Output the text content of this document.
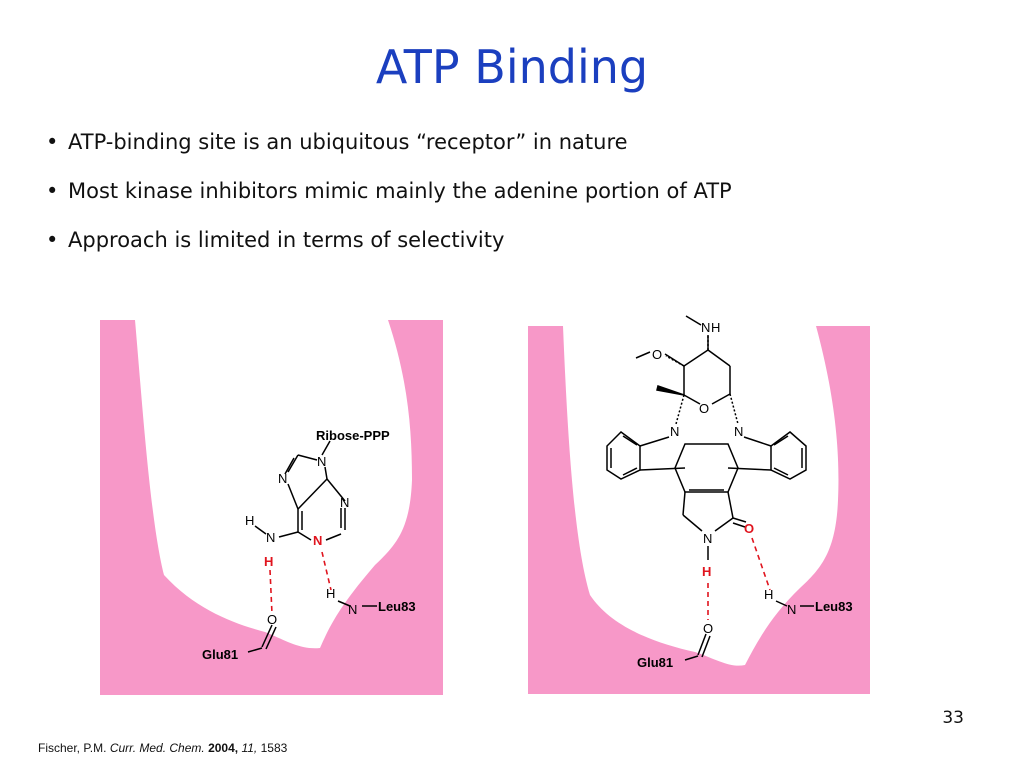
ATP Binding
• ATP-binding site is an ubiquitous “receptor” in nature
• Most kinase inhibitors mimic mainly the adenine portion of ATP
• Approach is limited in terms of selectivity
Ribose-PPP
N
N
N
N
N
H
H
H
N Leu83
O
Glu81
N H
O
O
N	N
N
O
H
H
N Leu83
O
Glu81
33
Fischer, P.M. Curr. Med. Chem. 2004, 11, 1583
